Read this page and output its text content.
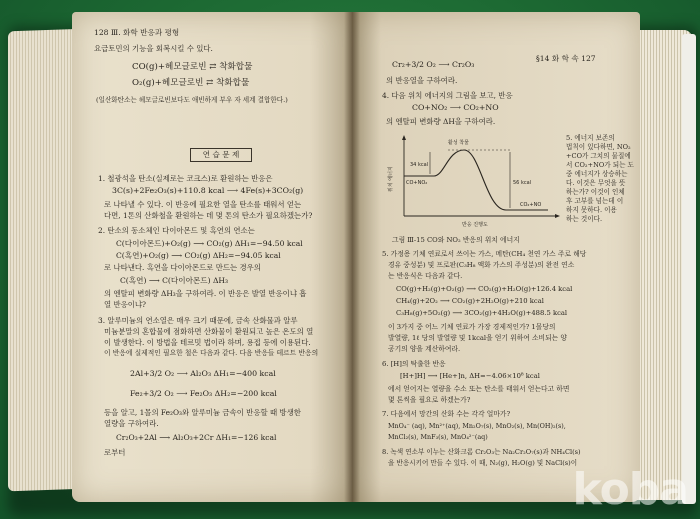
128 Ⅲ. 화학 반응과 평형
요급토민의 기능을 회복시킬 수 있다.
CO(g)+헤모글로빈 ⇄ 착화합물
O₂(g)+헤모글로빈 ⇄ 착화합물
(일산화탄소는 헤모글로빈보다도 애빈하게 부우 자 세계 결합한다.)
연 습 문 제
1. 철광석을 탄소(실제로는 코크스)로 환원하는 반응은
3C(s)+2Fe₂O₃(s)+110.8 kcal ⟶ 4Fe(s)+3CO₂(g)
로 나타낼 수 있다. 이 반응에 필요한 열을 탄소를 태워서 얻는
다면, 1톤의 산화철을 환원하는 데 몇 톤의 탄소가 필요하겠는가?
2. 탄소의 동소체인 다이아몬드 및 흑연의 연소는
C(다이아몬드)+O₂(g) ⟶ CO₂(g) ΔH₁=−94.50 kcal
C(흑연)+O₂(g) ⟶ CO₂(g) ΔH₂=−94.05 kcal
로 나타낸다. 흑연을 다이아몬드로 만드는 경우의
C(흑연) ⟶ C(다이아몬드) ΔH₃
의 엔탈피 변화량 ΔH₃을 구하여라. 이 반응은 발열 반응이냐 흡
열 반응이냐?
3. 알루미늄의 연소열은 매우 크기 때문에, 금속 산화물과 알루
미늄분말의 혼합물에 점화하면 산화물이 환원되고 높은 온도의 열
이 발생한다. 이 방법을 테르밋 법이라 하며, 용접 등에 이용된다.
이 반응에 실제적인 필요한 철은 다음과 같다. 다음 반응들 테르트 반응의
2Al+3/2 O₂ ⟶ Al₂O₃ ΔH₁=−400 kcal
Fe₂+3/2 O₂ ⟶ Fe₂O₃ ΔH₂=−200 kcal
등을 알고, 1몰의 Fe₂O₃와 알루미늄 금속이 반응할 때 방생한
열량을 구하여라.
Cr₂O₃+2Al ⟶ Al₂O₃+2Cr ΔH₁=−126 kcal
로부터
Cr₂+3/2 O₂ ⟶ Cr₂O₃
§14 화 학 속 127
의 반응열을 구하여라.
4. 다음 위치 에너지의 그림을 보고, 반응
CO+NO₂ ⟶ CO₂+NO
의 엔탈피 변화량 ΔH을 구하여라.
위치 에너지
반응 진행도
활성 착물
CO+NO₂
CO₂+NO
34 kcal
56 kcal
5. 에너지 보존의
법칙이 있다하면, NO₂
+CO가 그치의 물질에
서 CO₂+NO가 되는 도
중 에너지가 상승하는
다. 이것은 무엇을 뜻
하는가? 이것이 인체
후 고부를 넘는데 이
하지 못하다. 이용
하는 것이다.
그림 Ⅲ-15 CO와 NO₂ 반응의 위치 에너지
5. 가정용 기체 연료로서 쓰이는 가스, 메탄(CH₄ 천연 가스 주로 해당
경유 중성분) 및 프로판(C₃H₈ 액화 가스의 주성분)의 완전 연소
는 반응식은 다음과 같다.
CO(g)+H₂(g)+O₂(g) ⟶ CO₂(g)+H₂O(g)+126.4 kcal
CH₄(g)+2O₂ ⟶ CO₂(g)+2H₂O(g)+210 kcal
C₃H₈(g)+5O₂(g) ⟶ 3CO₂(g)+4H₂O(g)+488.5 kcal
이 3가지 중 어느 기체 연료가 가장 경제적인가? 1몰당의
발열량, 1ℓ 당의 발열량 및 1kcal을 얻기 위하여 소비되는 양
공기의 양을 계산하여라.
6. [H]의 탁출한 반응
[H+]H] ⟶ [He+]n, ΔH=−4.06×10⁸ kcal
에서 얻어지는 열량을 수소 또는 탄소를 태워서 얻는다고 하면
몇 톤씩을 필요로 하겠는가?
7. 다음에서 망간의 산화 수는 각각 얼마가?
MnO₄⁻ (aq), Mn²⁺(aq), Mn₂O₇(s), MnO₂(s), Mn(OH)₂(s),
MnCl₂(s), MnF₃(s), MnO₄²⁻(aq)
8. 녹색 연소부 이누는 산화크롬 Cr₂O₃는 Na₂Cr₂O₇(s)과 NH₄Cl(s)
을 반응시키어 만들 수 있다. 이 때, N₂(g), H₂O(g) 및 NaCl(s)이
koba
